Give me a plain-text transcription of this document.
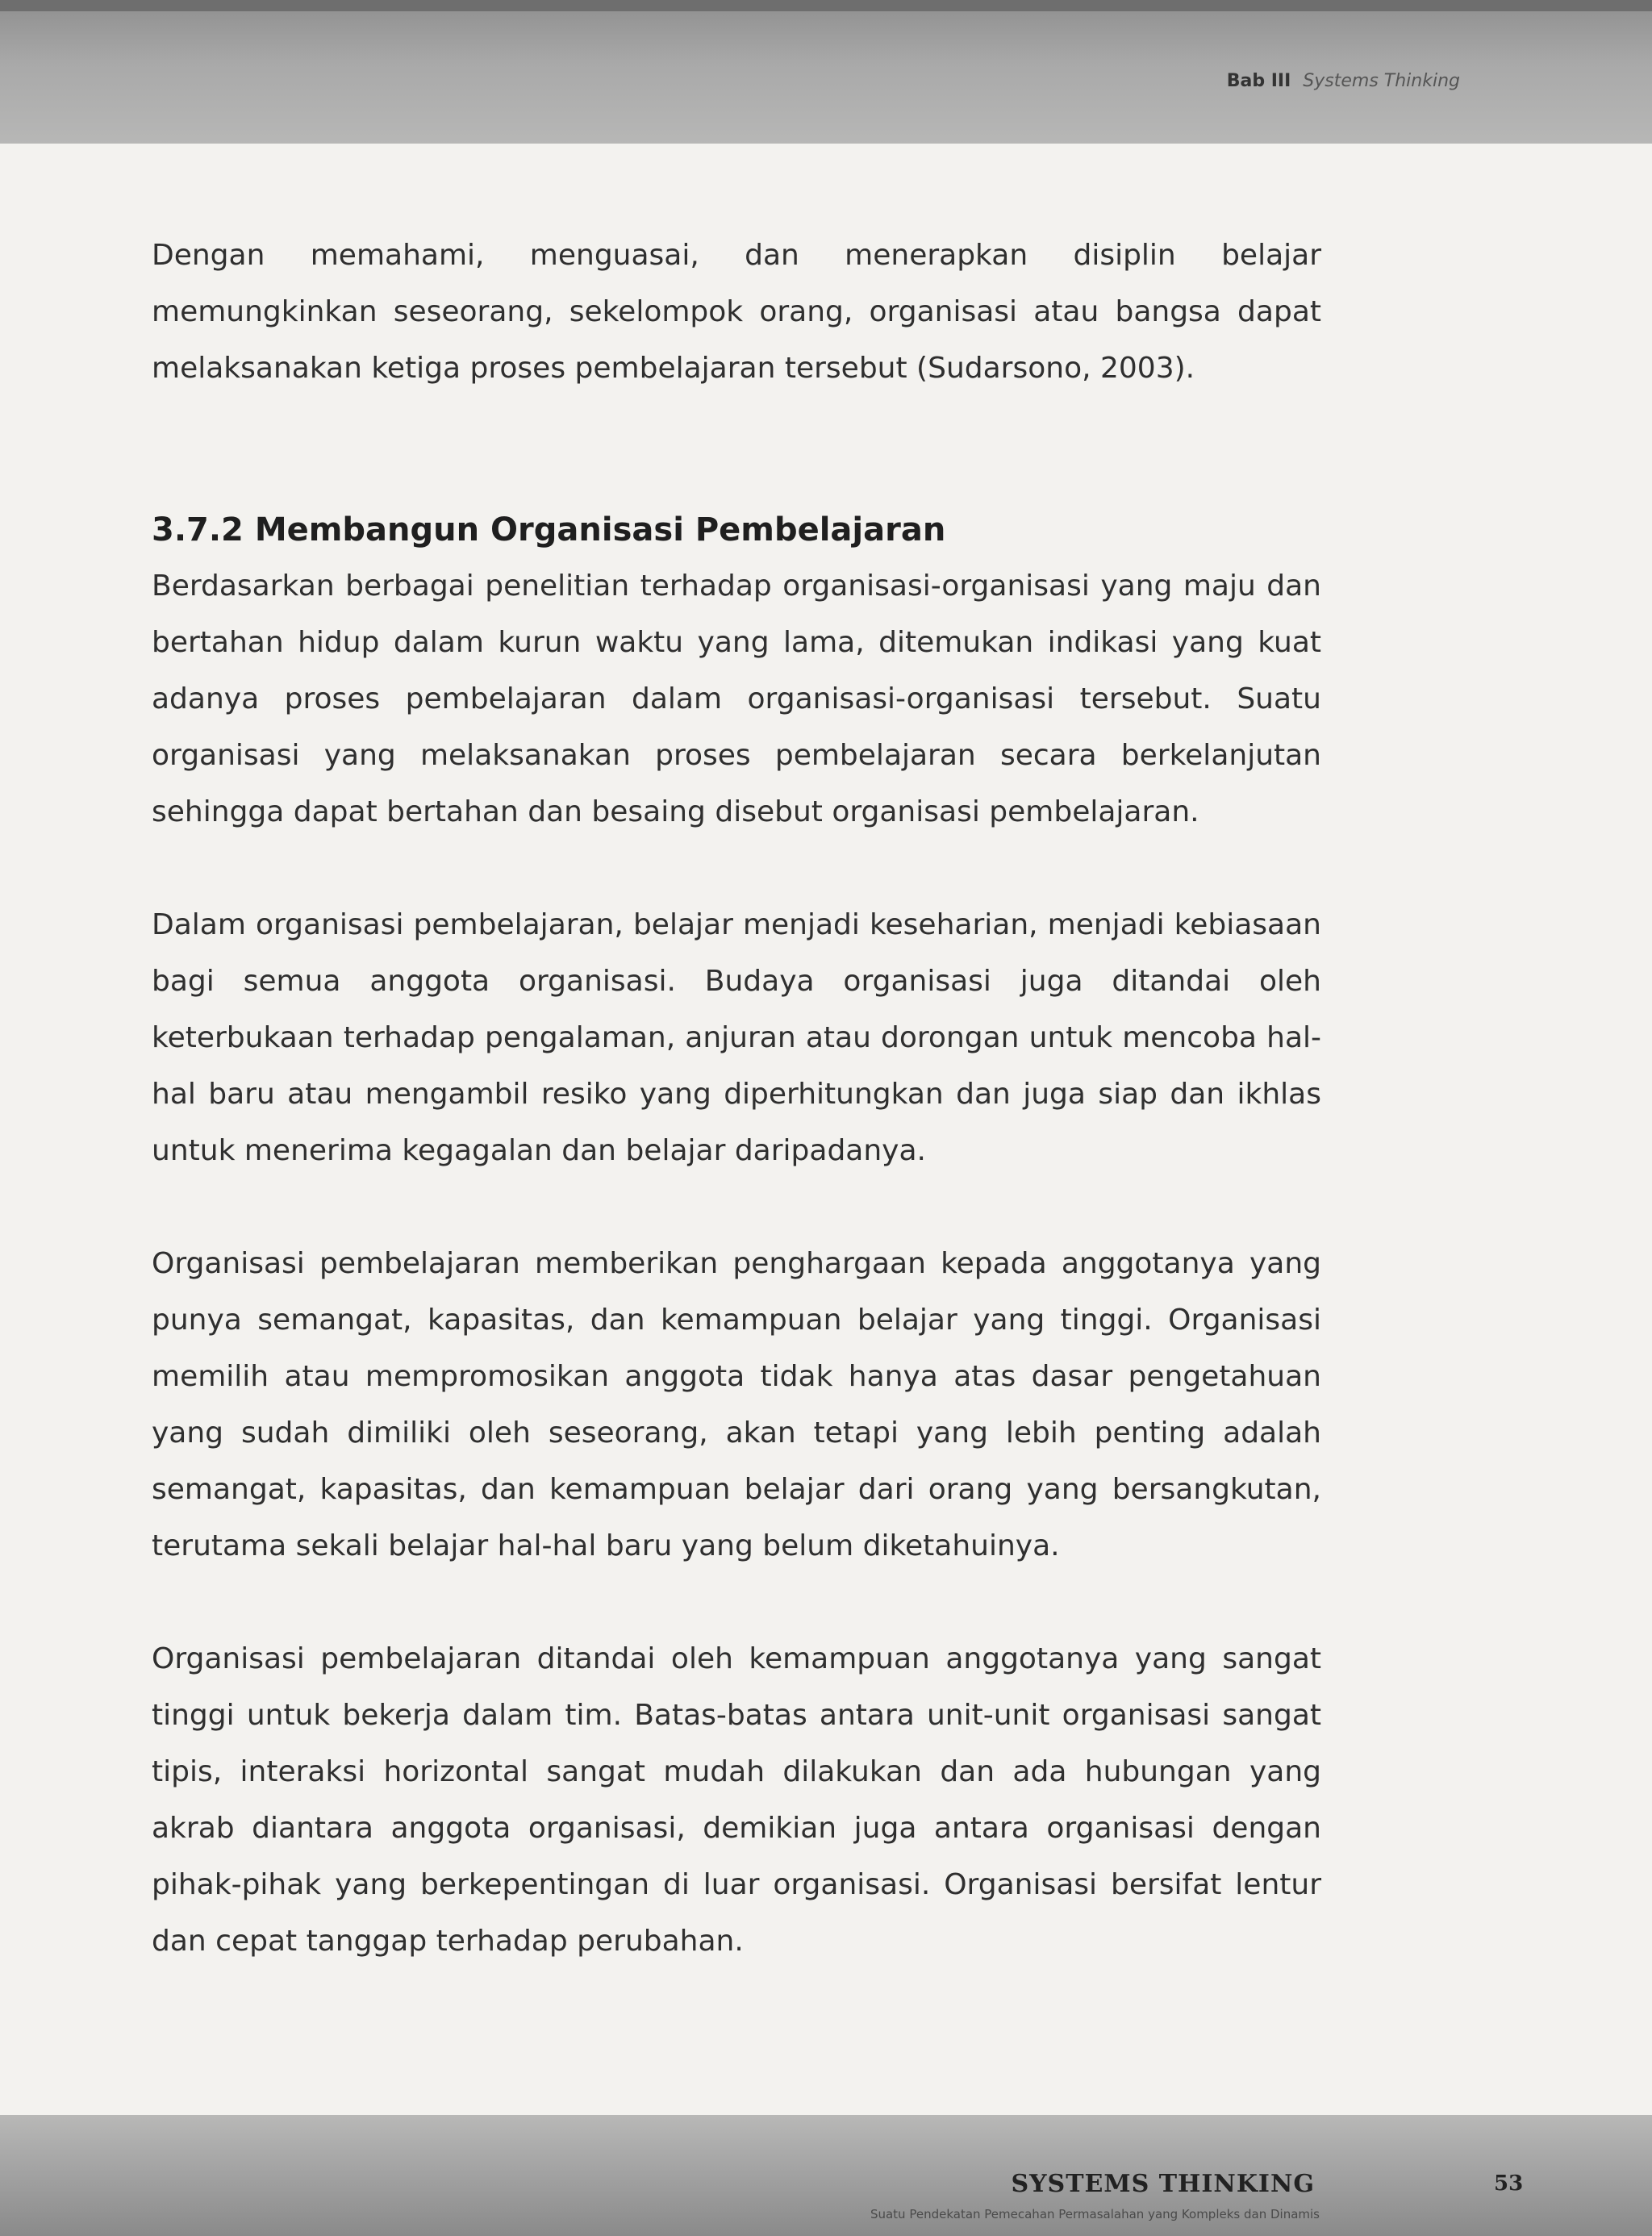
Bab III Systems Thinking

Dengan memahami, menguasai, dan menerapkan disiplin belajar memungkinkan seseorang, sekelompok orang, organisasi atau bangsa dapat melaksanakan ketiga proses pembelajaran tersebut (Sudarsono, 2003).

3.7.2 Membangun Organisasi Pembelajaran

Berdasarkan berbagai penelitian terhadap organisasi-organisasi yang maju dan bertahan hidup dalam kurun waktu yang lama, ditemukan indikasi yang kuat adanya proses pembelajaran dalam organisasi-organisasi tersebut. Suatu organisasi yang melaksanakan proses pembelajaran secara berkelanjutan sehingga dapat bertahan dan besaing disebut organisasi pembelajaran.

Dalam organisasi pembelajaran, belajar menjadi keseharian, menjadi kebiasaan bagi semua anggota organisasi. Budaya organisasi juga ditandai oleh keterbukaan terhadap pengalaman, anjuran atau dorongan untuk mencoba hal-hal baru atau mengambil resiko yang diperhitungkan dan juga siap dan ikhlas untuk menerima kegagalan dan belajar daripadanya.

Organisasi pembelajaran memberikan penghargaan kepada anggotanya yang punya semangat, kapasitas, dan kemampuan belajar yang tinggi. Organisasi memilih atau mempromosikan anggota tidak hanya atas dasar pengetahuan yang sudah dimiliki oleh seseorang, akan tetapi yang lebih penting adalah semangat, kapasitas, dan kemampuan belajar dari orang yang bersangkutan, terutama sekali belajar hal-hal baru yang belum diketahuinya.

Organisasi pembelajaran ditandai oleh kemampuan anggotanya yang sangat tinggi untuk bekerja dalam tim. Batas-batas antara unit-unit organisasi sangat tipis, interaksi horizontal sangat mudah dilakukan dan ada hubungan yang akrab diantara anggota organisasi, demikian juga antara organisasi dengan pihak-pihak yang berkepentingan di luar organisasi. Organisasi bersifat lentur dan cepat tanggap terhadap perubahan.

SYSTEMS THINKING
Suatu Pendekatan Pemecahan Permasalahan yang Kompleks dan Dinamis
53
